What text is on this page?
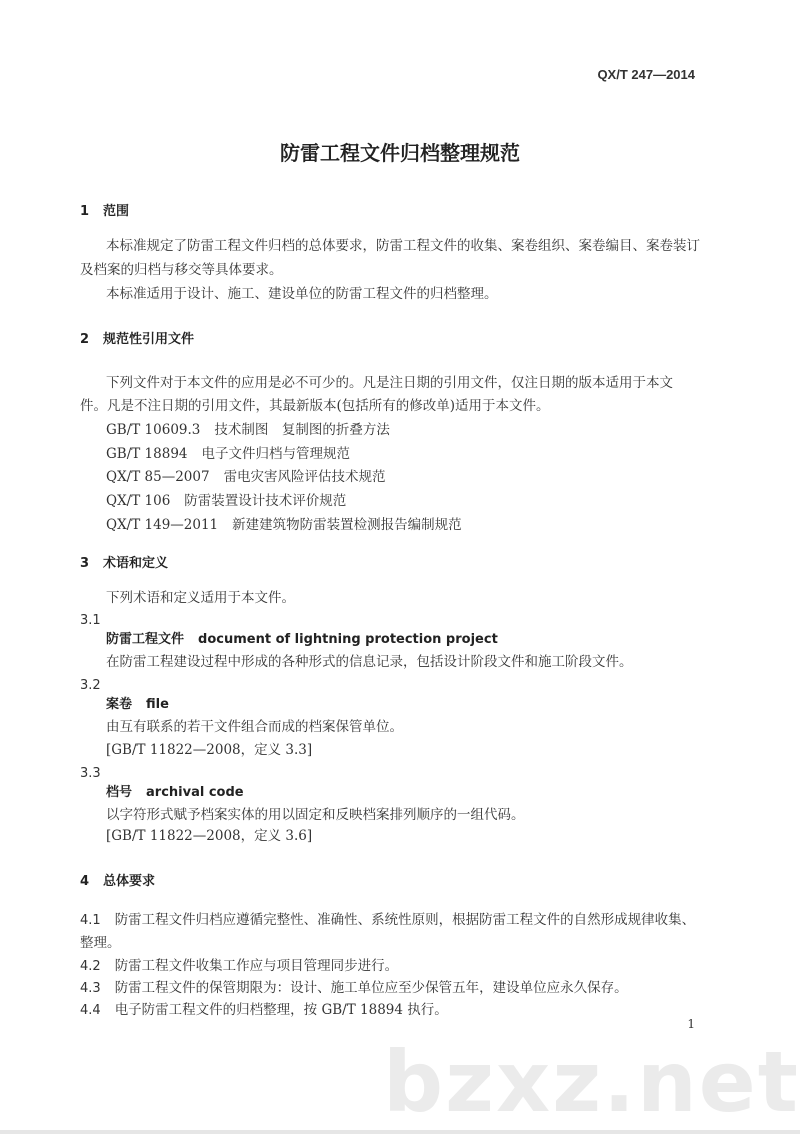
QX/T 247—2014
防雷工程文件归档整理规范
1 范围
本标准规定了防雷工程文件归档的总体要求，防雷工程文件的收集、案卷组织、案卷编目、案卷装订
及档案的归档与移交等具体要求。
本标准适用于设计、施工、建设单位的防雷工程文件的归档整理。
2 规范性引用文件
下列文件对于本文件的应用是必不可少的。凡是注日期的引用文件，仅注日期的版本适用于本文
件。凡是不注日期的引用文件，其最新版本(包括所有的修改单)适用于本文件。
GB/T 10609.3 技术制图　复制图的折叠方法
GB/T 18894 电子文件归档与管理规范
QX/T 85—2007 雷电灾害风险评估技术规范
QX/T 106 防雷装置设计技术评价规范
QX/T 149—2011 新建建筑物防雷装置检测报告编制规范
3 术语和定义
下列术语和定义适用于本文件。
3.1
防雷工程文件 document of lightning protection project
在防雷工程建设过程中形成的各种形式的信息记录，包括设计阶段文件和施工阶段文件。
3.2
案卷 file
由互有联系的若干文件组合而成的档案保管单位。
[GB/T 11822—2008，定义 3.3]
3.3
档号 archival code
以字符形式赋予档案实体的用以固定和反映档案排列顺序的一组代码。
[GB/T 11822—2008，定义 3.6]
4 总体要求
4.1 防雷工程文件归档应遵循完整性、准确性、系统性原则，根据防雷工程文件的自然形成规律收集、
整理。
4.2 防雷工程文件收集工作应与项目管理同步进行。
4.3 防雷工程文件的保管期限为：设计、施工单位应至少保管五年，建设单位应永久保存。
4.4 电子防雷工程文件的归档整理，按 GB/T 18894 执行。
1
bzxz.net
